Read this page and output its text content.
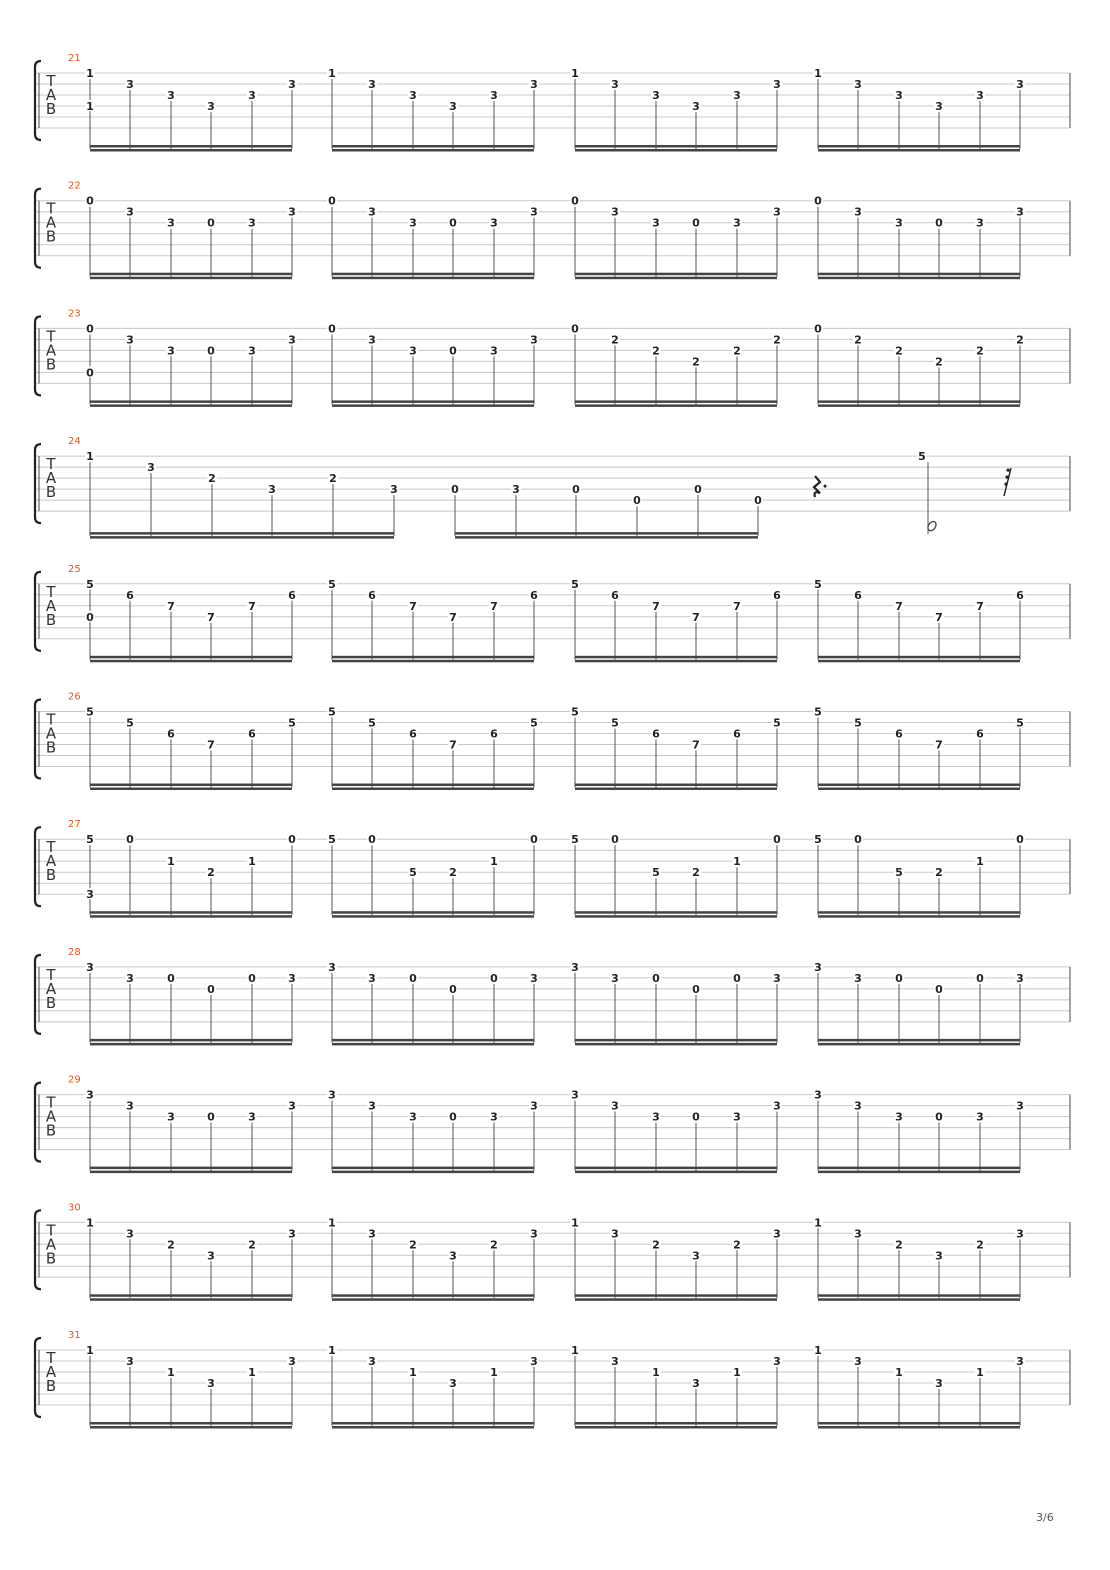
T
A
B
21
1
1
3
3
3
3
3
1
3
3
3
3
3
1
3
3
3
3
3
1
3
3
3
3
3
T
A
B
22
0
3
3	0	3
3
0
3
3	0	3
3
0
3
3	0	3
3
0
3
3	0	3
3
T
A
B
23
0
0
3
3	0	3
3
0
3
3	0	3
3
0
2
2
2
2
2
0
2
2
2
2
2
T
A
B
24
1
3
2
3
2
3	0	3	0
0
0
0
5
T
A
B
25
5
0
6
7
7
7
6
5
6
7
7
7
6
5
6
7
7
7
6
5
6
7
7
7
6
T
A
B
26
5
5
6
7
6
5
5
5
6
7
6
5
5
5
6
7
6
5
5
5
6
7
6
5
T
A
B
27
5
3
0
1
2
1
0	5	0
5	2
1
0	5	0
5	2
1
0	5	0
5	2
1
0
T
A
B
28
3
3	0
0
0	3
3
3	0
0
0	3
3
3	0
0
0	3
3
3	0
0
0	3
T
A
B
29
3
3
3	0	3
3
3
3
3	0	3
3
3
3
3	0	3
3
3
3
3	0	3
3
T
A
B
30
1
3
2
3
2
3
1
3
2
3
2
3
1
3
2
3
2
3
1
3
2
3
2
3
T
A
B
31
1
3
1
3
1
3
1
3
1
3
1
3
1
3
1
3
1
3
1
3
1
3
1
3
3/6
